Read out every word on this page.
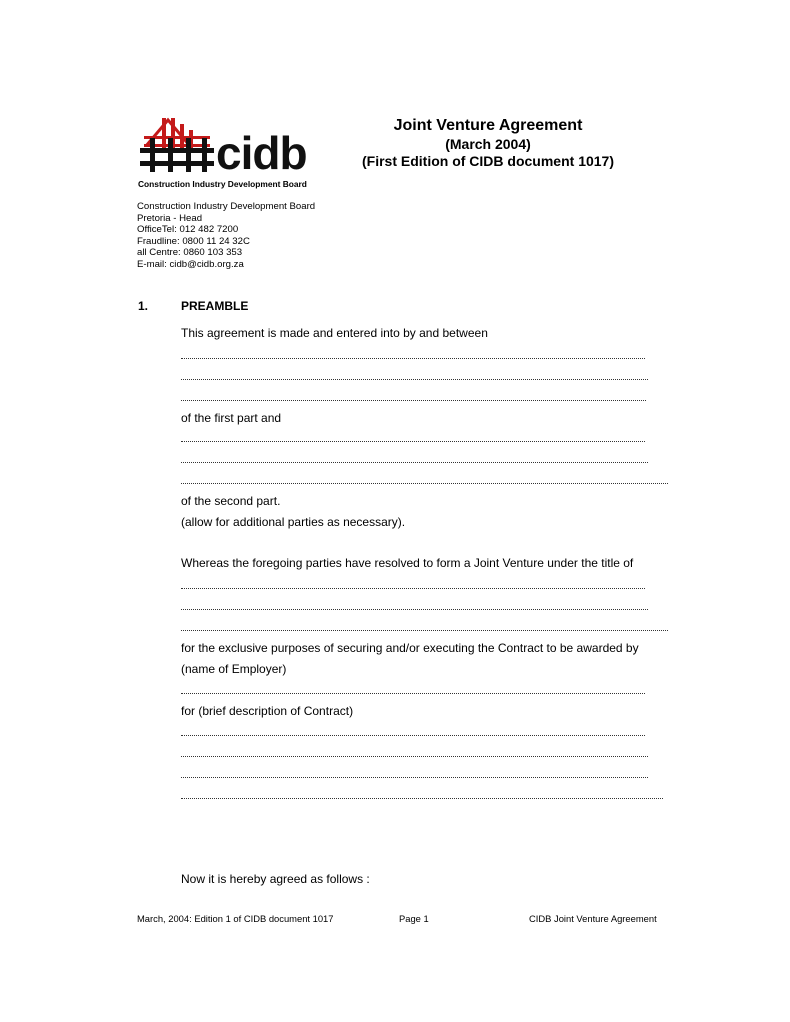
cidb
Construction Industry Development Board
Construction Industry Development Board
Pretoria - Head
OfficeTel: 012 482 7200
Fraudline: 0800 11 24 32C
all Centre: 0860 103 353
E-mail: cidb@cidb.org.za
Joint Venture Agreement
(March 2004)
(First Edition of CIDB document 1017)
1.	PREAMBLE
This agreement is made and entered into by and between
of the first part and
of the second part.
(allow for additional parties as necessary).
Whereas the foregoing parties have resolved to form a Joint Venture under the title of
for the exclusive purposes of securing and/or executing the Contract to be awarded by
(name of Employer)
for (brief description of Contract)
Now it is hereby agreed as follows :
March, 2004: Edition 1 of CIDB document 1017	Page 1	CIDB Joint Venture Agreement
